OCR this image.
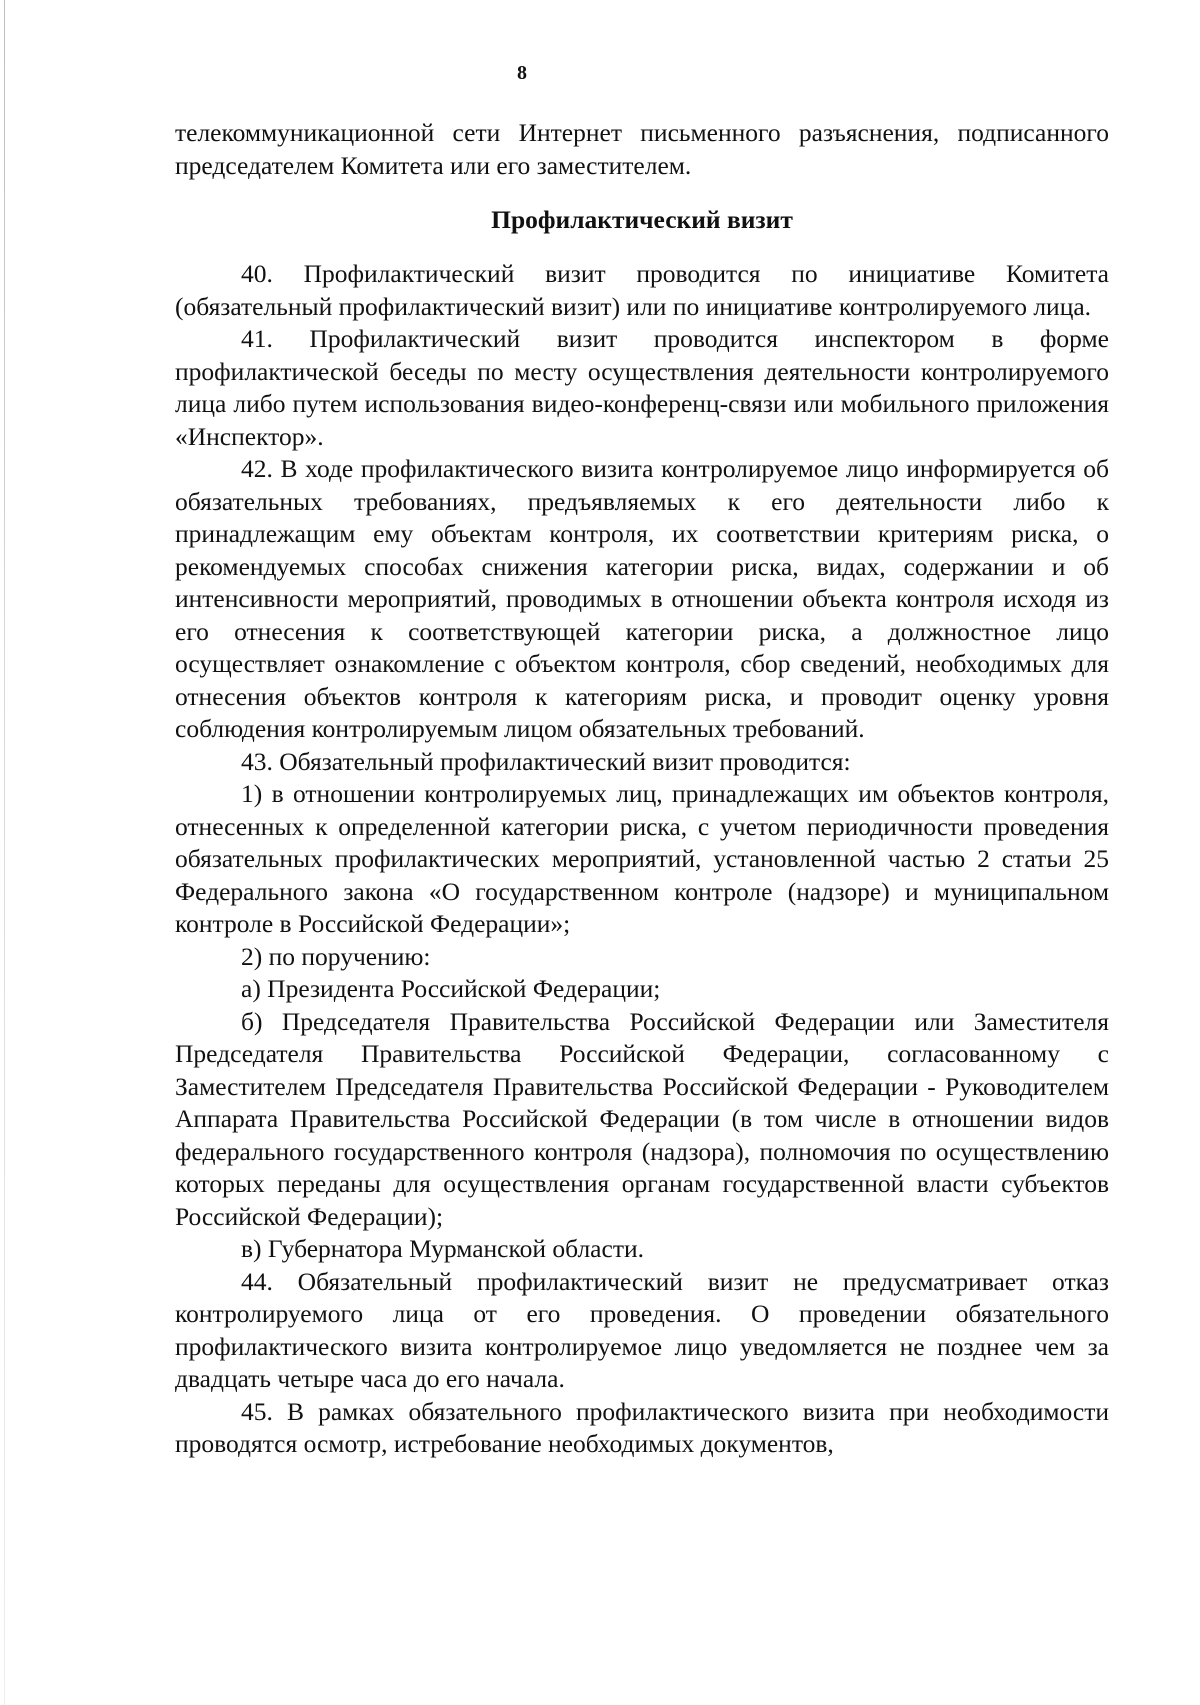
8

телекоммуникационной сети Интернет письменного разъяснения, подписанного председателем Комитета или его заместителем.

Профилактический визит

40. Профилактический визит проводится по инициативе Комитета (обязательный профилактический визит) или по инициативе контролируемого лица.

41. Профилактический визит проводится инспектором в форме профилактической беседы по месту осуществления деятельности контролируемого лица либо путем использования видео-конференц-связи или мобильного приложения «Инспектор».

42. В ходе профилактического визита контролируемое лицо информируется об обязательных требованиях, предъявляемых к его деятельности либо к принадлежащим ему объектам контроля, их соответствии критериям риска, о рекомендуемых способах снижения категории риска, видах, содержании и об интенсивности мероприятий, проводимых в отношении объекта контроля исходя из его отнесения к соответствующей категории риска, а должностное лицо осуществляет ознакомление с объектом контроля, сбор сведений, необходимых для отнесения объектов контроля к категориям риска, и проводит оценку уровня соблюдения контролируемым лицом обязательных требований.

43. Обязательный профилактический визит проводится:

1) в отношении контролируемых лиц, принадлежащих им объектов контроля, отнесенных к определенной категории риска, с учетом периодичности проведения обязательных профилактических мероприятий, установленной частью 2 статьи 25 Федерального закона «О государственном контроле (надзоре) и муниципальном контроле в Российской Федерации»;

2) по поручению:

а) Президента Российской Федерации;

б) Председателя Правительства Российской Федерации или Заместителя Председателя Правительства Российской Федерации, согласованному с Заместителем Председателя Правительства Российской Федерации - Руководителем Аппарата Правительства Российской Федерации (в том числе в отношении видов федерального государственного контроля (надзора), полномочия по осуществлению которых переданы для осуществления органам государственной власти субъектов Российской Федерации);

в) Губернатора Мурманской области.

44. Обязательный профилактический визит не предусматривает отказ контролируемого лица от его проведения. О проведении обязательного профилактического визита контролируемое лицо уведомляется не позднее чем за двадцать четыре часа до его начала.

45. В рамках обязательного профилактического визита при необходимости проводятся осмотр, истребование необходимых документов,
